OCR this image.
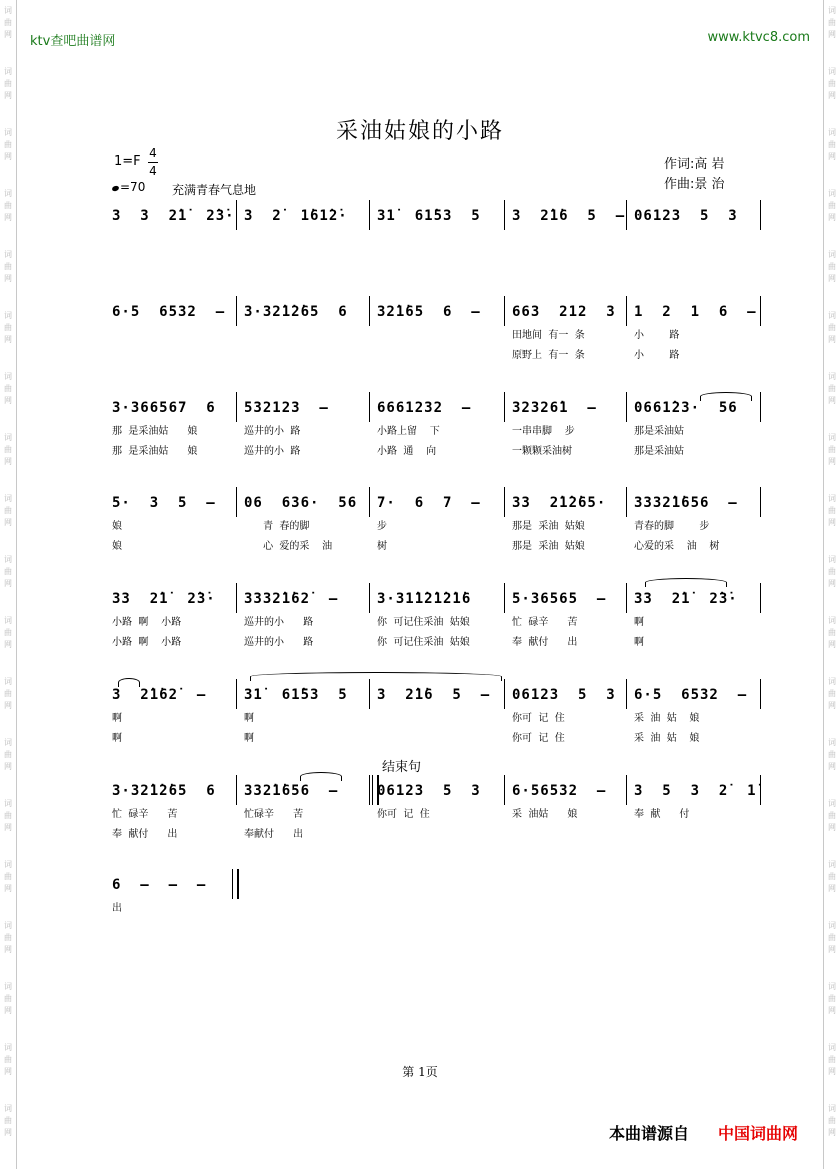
词
曲
网
词
曲
网
词
曲
网
词
曲
网
词
曲
网
词
曲
网
词
曲
网
词
曲
网
词
曲
网
词
曲
网
词
曲
网
词
曲
网
词
曲
网
词
曲
网
词
曲
网
词
曲
网
词
曲
网
词
曲
网
词
曲
网
词
曲
网
词
曲
网
词
曲
网
词
曲
网
词
曲
网
词
曲
网
词
曲
网
词
曲
网
词
曲
网
词
曲
网
词
曲
网
词
曲
网
词
曲
网
词
曲
网
词
曲
网
词
曲
网
词
曲
网
词
曲
网
词
曲
网
ktv查吧曲谱网	www.ktvc8.com
采油姑娘的小路
1=F
4
4
=70 充满青春气息地
作词:高 岩
作曲:景 治
结束句
3  3  2̇1̇  2̇3̇· 3  2̇  1̇61̇2̇· 31̇  61̇53  5 3  2̇1̇6  5  – 06123  5  3
6·5  6532  – 3·32̇1̇2̇65  6 32̇1̇65  6  – 663  212  3
田地间  有一  条
原野上  有一  条
1  2  1  6  –
小        路
小        路
3·366567  6
那  是采油姑      娘
那  是采油姑      娘
532123  –
巡井的小  路
巡井的小  路
6661232  –
小路上留    下
小路  通    向
32326̇1  –
一串串脚    步
一颗颗采油树
0661̇23·  56
那是采油姑
那是采油姑
5·  3  5  –
娘
娘
06  636·  56
青  春的脚
心  爱的采    油
7·  6  7  –
步
树
33  2̇1̇2̇65·
那是  采油  姑娘
那是  采油  姑娘
3332̇1̇656  –
青春的脚        步
心爱的采    油    树
33  2̇1̇  2̇3̇·
小路  啊    小路
小路  啊    小路
3332̇1̇62̇  –
巡井的小      路
巡井的小      路
3·31̇1̇2̇1̇2̇1̇6
你  可记住采油  姑娘
你  可记住采油  姑娘
5·36565  –
忙  碌辛      苦
奉  献付      出
33  2̇1̇  2̇3̇·
啊
啊
3  2̇1̇62̇  –
啊
啊
31̇  61̇53  5
啊
啊
3  2̇1̇6  5  – 06123  5  3
你可  记  住
你可  记  住
6·5  6532  –
采  油  姑    娘
采  油  姑    娘
3·32̇1̇2̇65  6
忙  碌辛      苦
奉  献付      出
332̇1̇656  –
忙碌辛      苦
奉献付      出
06123  5  3
你可  记  住
6·56532  –
采  油姑      娘
3  5  3  2̇  1̇
奉  献      付
6  –  –  –
出
第 1页
本曲谱源自 中国词曲网
